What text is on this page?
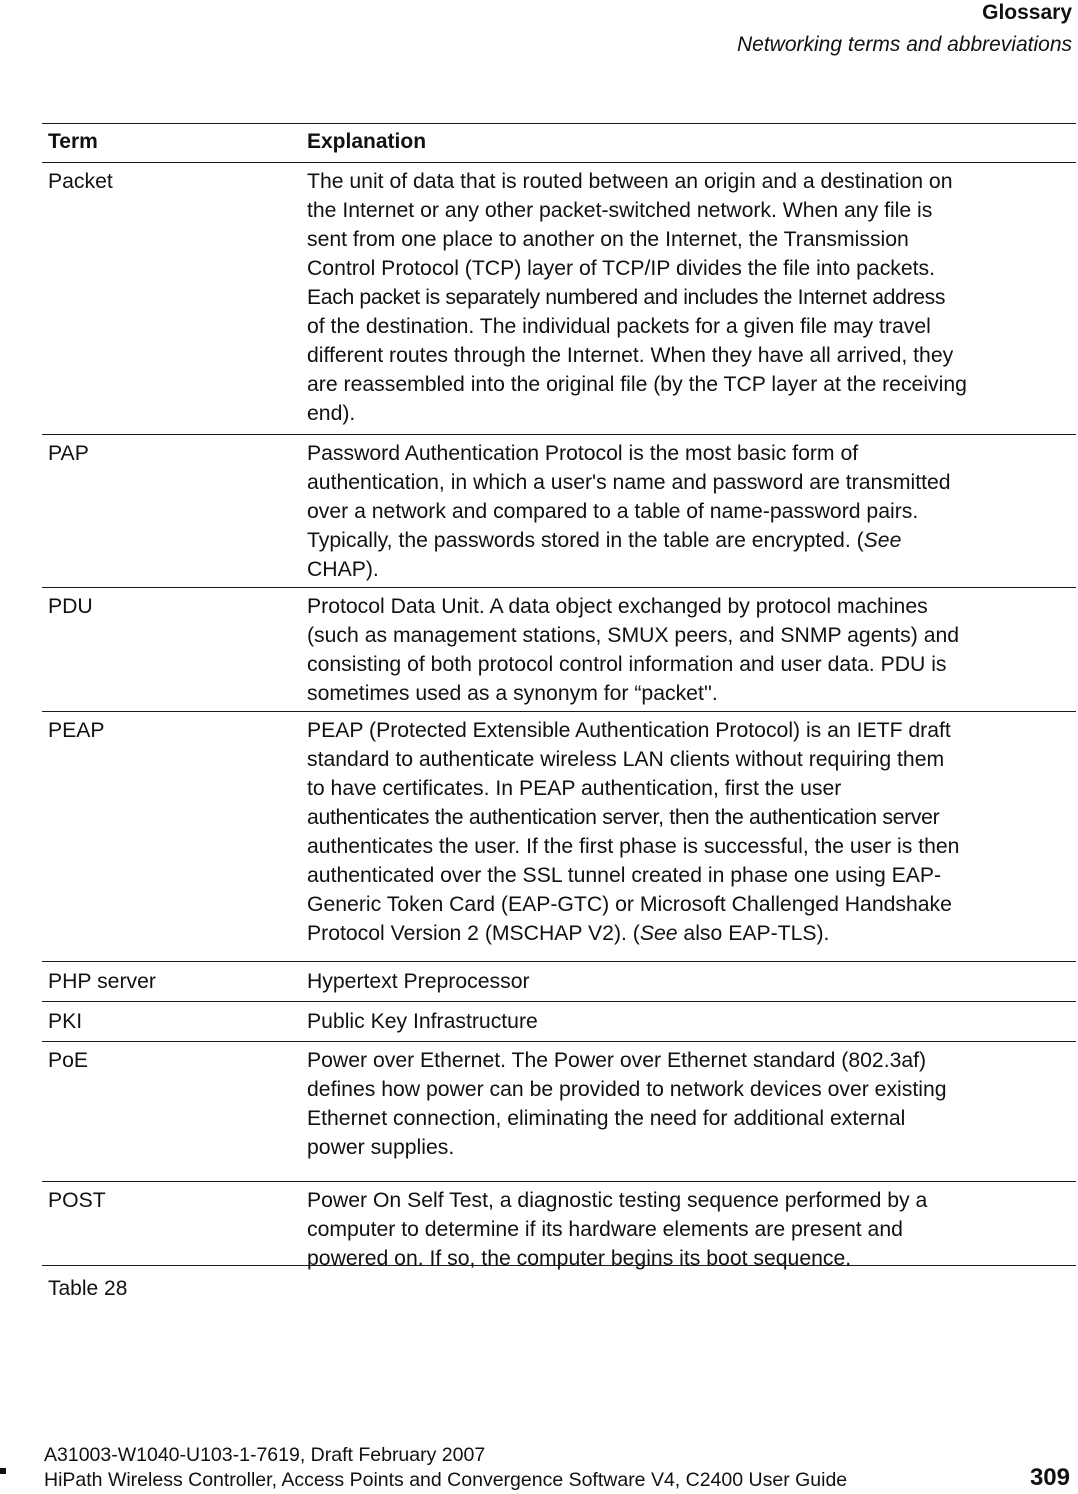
Glossary
Networking terms and abbreviations
Term	Explanation
Packet	The unit of data that is routed between an origin and a destination on
the Internet or any other packet-switched network. When any file is
sent from one place to another on the Internet, the Transmission
Control Protocol (TCP) layer of TCP/IP divides the file into packets.
Each packet is separately numbered and includes the Internet address
of the destination. The individual packets for a given file may travel
different routes through the Internet. When they have all arrived, they
are reassembled into the original file (by the TCP layer at the receiving
end).
PAP	Password Authentication Protocol is the most basic form of
authentication, in which a user's name and password are transmitted
over a network and compared to a table of name-password pairs.
Typically, the passwords stored in the table are encrypted. (See
CHAP).
PDU	Protocol Data Unit. A data object exchanged by protocol machines
(such as management stations, SMUX peers, and SNMP agents) and
consisting of both protocol control information and user data. PDU is
sometimes used as a synonym for “packet''.
PEAP	PEAP (Protected Extensible Authentication Protocol) is an IETF draft
standard to authenticate wireless LAN clients without requiring them
to have certificates. In PEAP authentication, first the user
authenticates the authentication server, then the authentication server
authenticates the user. If the first phase is successful, the user is then
authenticated over the SSL tunnel created in phase one using EAP-
Generic Token Card (EAP-GTC) or Microsoft Challenged Handshake
Protocol Version 2 (MSCHAP V2). (See also EAP-TLS).
PHP server	Hypertext Preprocessor
PKI	Public Key Infrastructure
PoE	Power over Ethernet. The Power over Ethernet standard (802.3af)
defines how power can be provided to network devices over existing
Ethernet connection, eliminating the need for additional external
power supplies.
POST	Power On Self Test, a diagnostic testing sequence performed by a
computer to determine if its hardware elements are present and
powered on. If so, the computer begins its boot sequence.
Table 28
A31003-W1040-U103-1-7619, Draft February 2007
HiPath Wireless Controller, Access Points and Convergence Software V4, C2400 User Guide	309
